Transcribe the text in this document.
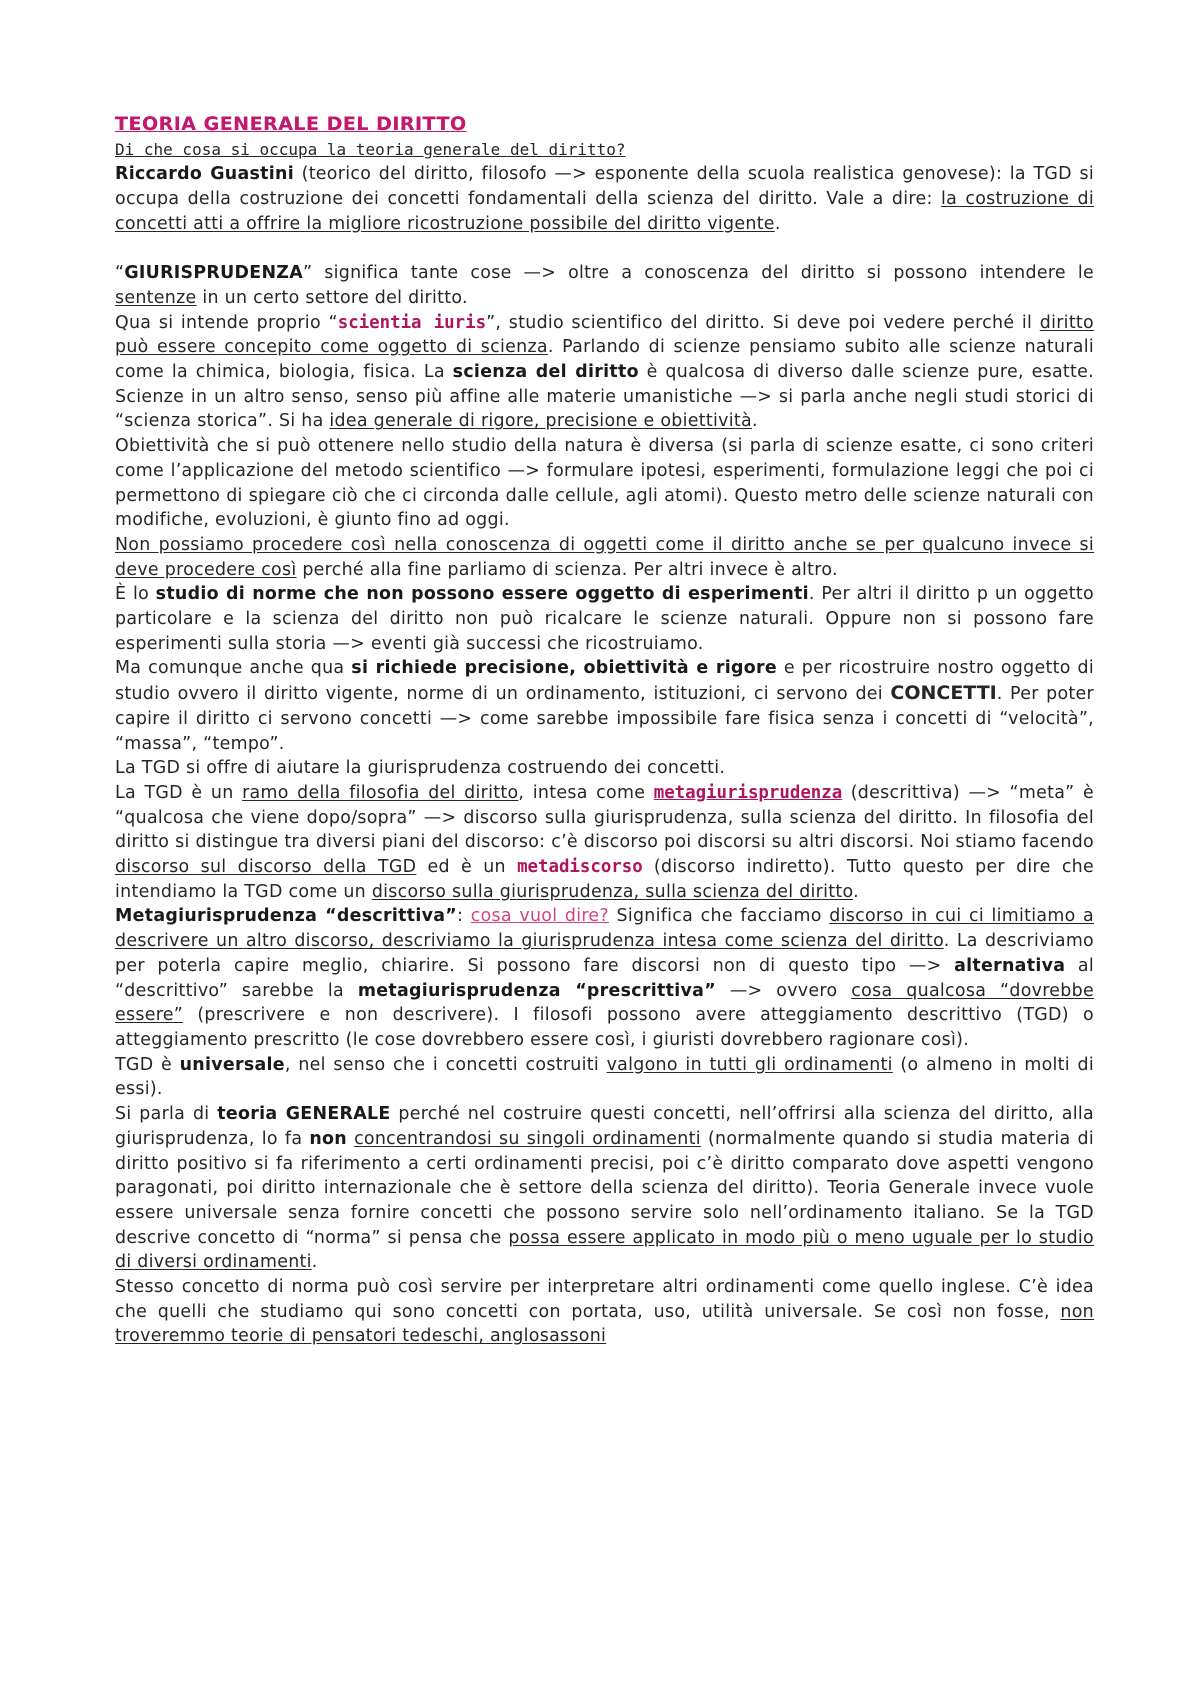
TEORIA GENERALE DEL DIRITTO

Di che cosa si occupa la teoria generale del diritto?

Riccardo Guastini (teorico del diritto, filosofo —> esponente della scuola realistica genovese): la TGD si occupa della costruzione dei concetti fondamentali della scienza del diritto. Vale a dire: la costruzione di concetti atti a offrire la migliore ricostruzione possibile del diritto vigente.

“GIURISPRUDENZA” significa tante cose —> oltre a conoscenza del diritto si possono intendere le sentenze in un certo settore del diritto.

Qua si intende proprio “scientia iuris”, studio scientifico del diritto. Si deve poi vedere perché il diritto può essere concepito come oggetto di scienza. Parlando di scienze pensiamo subito alle scienze naturali come la chimica, biologia, fisica. La scienza del diritto è qualcosa di diverso dalle scienze pure, esatte. Scienze in un altro senso, senso più affine alle materie umanistiche —> si parla anche negli studi storici di “scienza storica”. Si ha idea generale di rigore, precisione e obiettività.

Obiettività che si può ottenere nello studio della natura è diversa (si parla di scienze esatte, ci sono criteri come l’applicazione del metodo scientifico —> formulare ipotesi, esperimenti, formulazione leggi che poi ci permettono di spiegare ciò che ci circonda dalle cellule, agli atomi). Questo metro delle scienze naturali con modifiche, evoluzioni, è giunto fino ad oggi.

Non possiamo procedere così nella conoscenza di oggetti come il diritto anche se per qualcuno invece si deve procedere così perché alla fine parliamo di scienza. Per altri invece è altro.

È lo studio di norme che non possono essere oggetto di esperimenti. Per altri il diritto p un oggetto particolare e la scienza del diritto non può ricalcare le scienze naturali. Oppure non si possono fare esperimenti sulla storia —> eventi già successi che ricostruiamo.

Ma comunque anche qua si richiede precisione, obiettività e rigore e per ricostruire nostro oggetto di studio ovvero il diritto vigente, norme di un ordinamento, istituzioni, ci servono dei CONCETTI. Per poter capire il diritto ci servono concetti —> come sarebbe impossibile fare fisica senza i concetti di “velocità”, “massa”, “tempo”.

La TGD si offre di aiutare la giurisprudenza costruendo dei concetti.

La TGD è un ramo della filosofia del diritto, intesa come metagiurisprudenza (descrittiva) —> “meta” è “qualcosa che viene dopo/sopra” —> discorso sulla giurisprudenza, sulla scienza del diritto. In filosofia del diritto si distingue tra diversi piani del discorso: c’è discorso poi discorsi su altri discorsi. Noi stiamo facendo discorso sul discorso della TGD ed è un metadiscorso (discorso indiretto). Tutto questo per dire che intendiamo la TGD come un discorso sulla giurisprudenza, sulla scienza del diritto.

Metagiurisprudenza “descrittiva”: cosa vuol dire? Significa che facciamo discorso in cui ci limitiamo a descrivere un altro discorso, descriviamo la giurisprudenza intesa come scienza del diritto. La descriviamo per poterla capire meglio, chiarire. Si possono fare discorsi non di questo tipo —> alternativa al “descrittivo” sarebbe la metagiurisprudenza “prescrittiva” —> ovvero cosa qualcosa “dovrebbe essere” (prescrivere e non descrivere). I filosofi possono avere atteggiamento descrittivo (TGD) o atteggiamento prescritto (le cose dovrebbero essere così, i giuristi dovrebbero ragionare così).

TGD è universale, nel senso che i concetti costruiti valgono in tutti gli ordinamenti (o almeno in molti di essi).

Si parla di teoria GENERALE perché nel costruire questi concetti, nell’offrirsi alla scienza del diritto, alla giurisprudenza, lo fa non concentrandosi su singoli ordinamenti (normalmente quando si studia materia di diritto positivo si fa riferimento a certi ordinamenti precisi, poi c’è diritto comparato dove aspetti vengono paragonati, poi diritto internazionale che è settore della scienza del diritto). Teoria Generale invece vuole essere universale senza fornire concetti che possono servire solo nell’ordinamento italiano. Se la TGD descrive concetto di “norma” si pensa che possa essere applicato in modo più o meno uguale per lo studio di diversi ordinamenti.

Stesso concetto di norma può così servire per interpretare altri ordinamenti come quello inglese. C’è idea che quelli che studiamo qui sono concetti con portata, uso, utilità universale. Se così non fosse, non troveremmo teorie di pensatori tedeschi, anglosassoni
